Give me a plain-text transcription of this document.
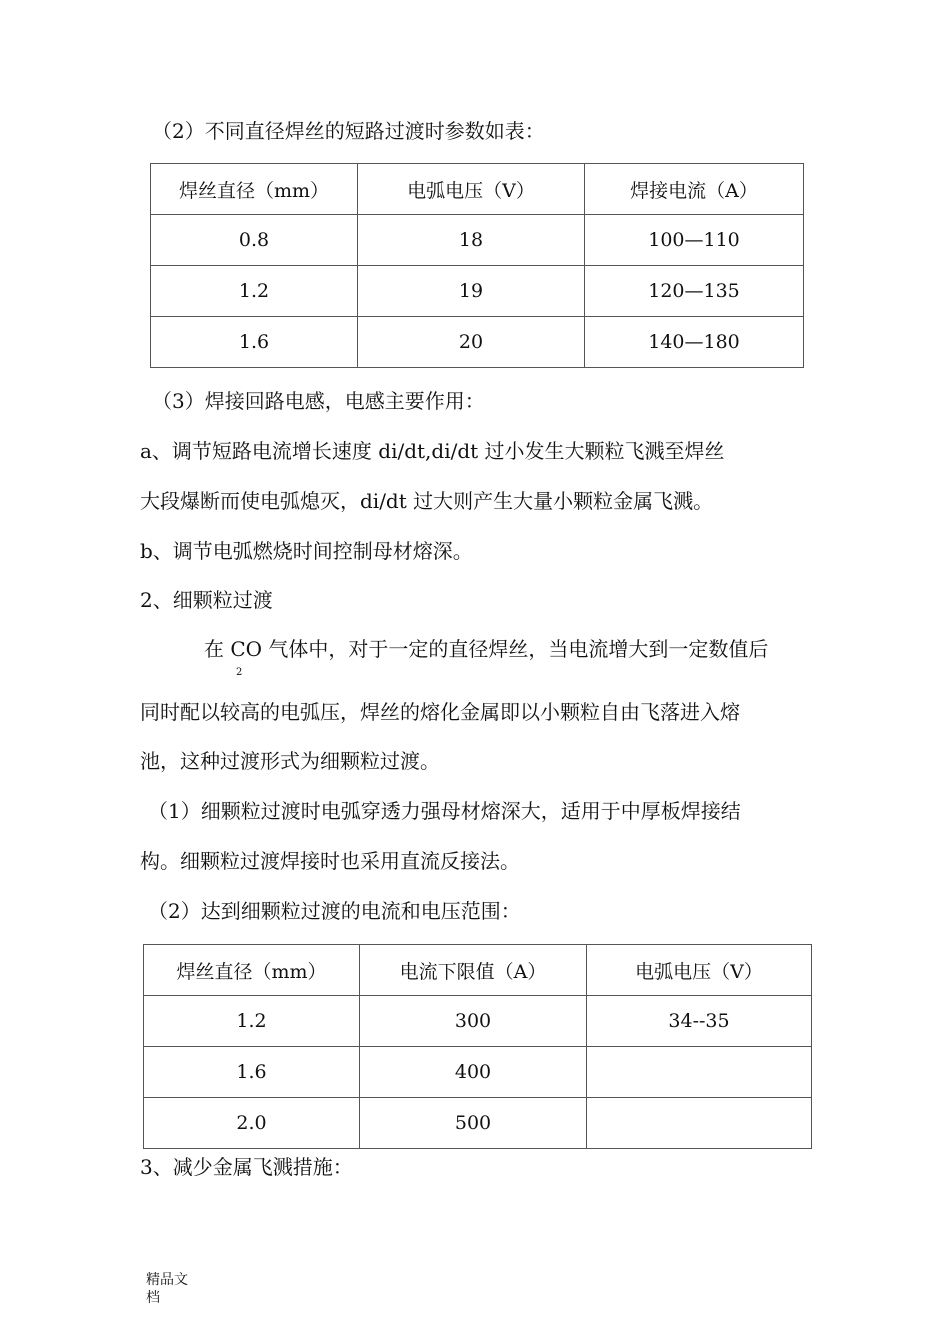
（2）不同直径焊丝的短路过渡时参数如表：
焊丝直径（mm）	电弧电压（V）	焊接电流（A）
0.8	18	100—110
1.2	19	120—135
1.6	20	140—180
（3）焊接回路电感，电感主要作用：
a、调节短路电流增长速度 di/dt,di/dt 过小发生大颗粒飞溅至焊丝
大段爆断而使电弧熄灭，di/dt 过大则产生大量小颗粒金属飞溅。
b、调节电弧燃烧时间控制母材熔深。
2、细颗粒过渡
在 CO 气体中，对于一定的直径焊丝，当电流增大到一定数值后
2
同时配以较高的电弧压，焊丝的熔化金属即以小颗粒自由飞落进入熔
池，这种过渡形式为细颗粒过渡。
（1）细颗粒过渡时电弧穿透力强母材熔深大，适用于中厚板焊接结
构。细颗粒过渡焊接时也采用直流反接法。
（2）达到细颗粒过渡的电流和电压范围：
焊丝直径（mm）	电流下限值（A）	电弧电压（V）
1.2	300	34--35
1.6	400	
2.0	500	
3、减少金属飞溅措施：
精品文
档
